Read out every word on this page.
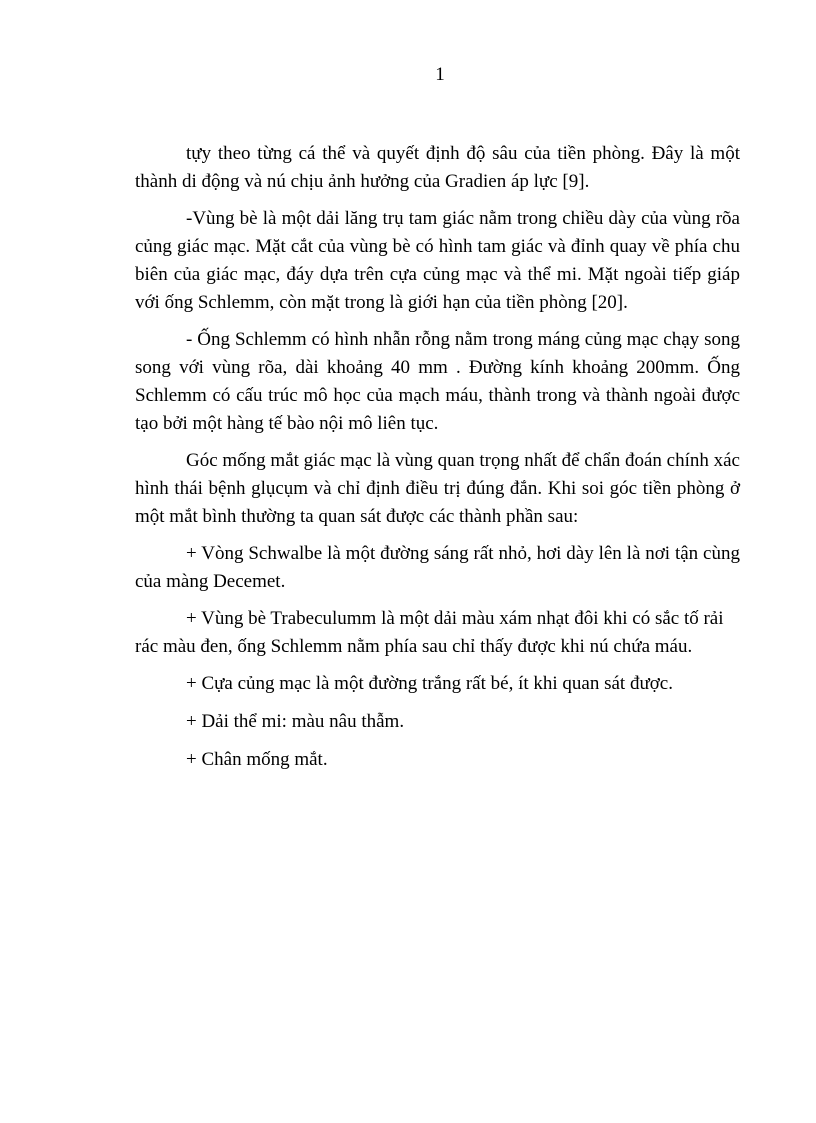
1

tựy theo từng cá thể và quyết định độ sâu của tiền phòng. Đây là một thành di động và nú chịu ảnh hưởng của Gradien áp lực [9].

-Vùng bè là một dải lăng trụ tam giác nằm trong chiều dày của vùng rõa củng giác mạc. Mặt cắt của vùng bè có hình tam giác và đỉnh quay về phía chu biên của giác mạc, đáy dựa trên cựa củng mạc và thể mi. Mặt ngoài tiếp giáp với ống Schlemm, còn mặt trong là giới hạn của tiền phòng [20].

- Ống Schlemm có hình nhẫn rỗng nằm trong máng củng mạc chạy song song với vùng rõa, dài khoảng 40 mm . Đường kính khoảng 200mm. Ống Schlemm có cấu trúc mô học của mạch máu, thành trong và thành ngoài được tạo bởi một hàng tế bào nội mô liên tục.

Góc mống mắt giác mạc là vùng quan trọng nhất để chẩn đoán chính xác hình thái bệnh glụcụm và chỉ định điều trị đúng đắn. Khi soi góc tiền phòng ở một mắt bình thường ta quan sát được các thành phần sau:

+ Vòng Schwalbe là một đường sáng rất nhỏ, hơi dày lên là nơi tận cùng của màng Decemet.

+ Vùng bè Trabeculumm là một dải màu xám nhạt đôi khi có sắc tố rải rác màu đen, ống Schlemm nằm phía sau chỉ thấy được khi nú chứa máu.

+ Cựa củng mạc là một đường trắng rất bé, ít khi quan sát được.

+ Dải thể mi: màu nâu thẫm.

+ Chân mống mắt.
